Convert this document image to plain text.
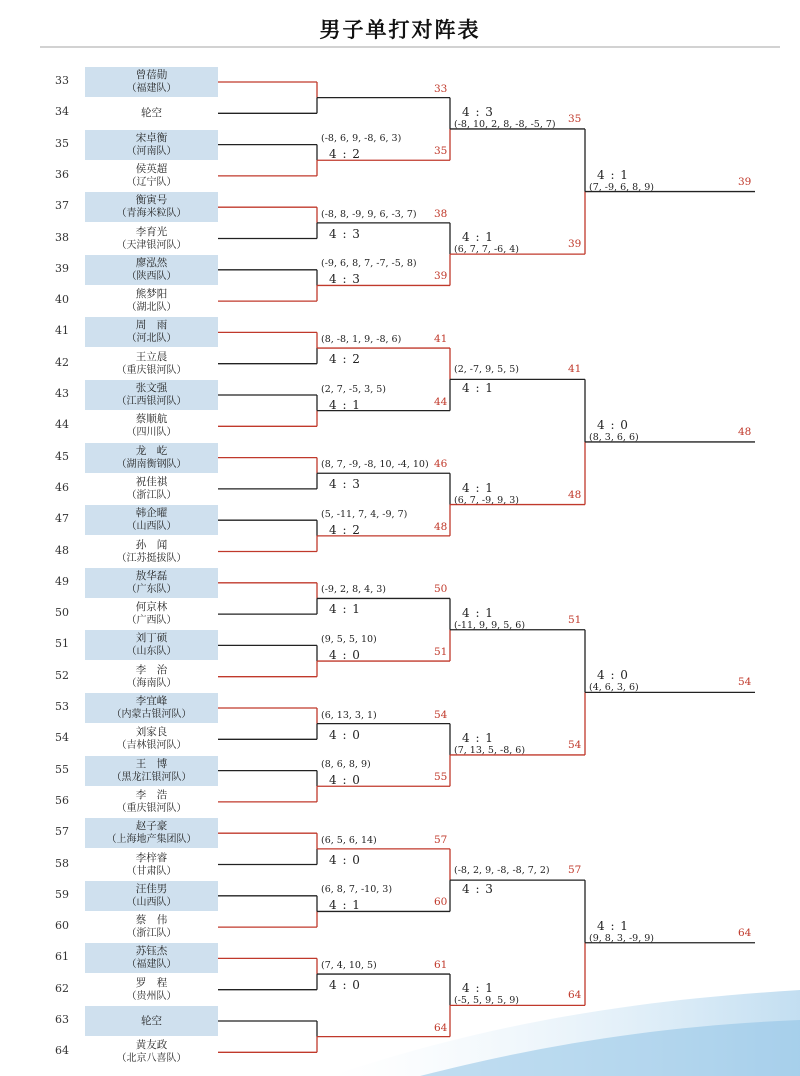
男子单打对阵表
33	曾蓓勋
（福建队）
34	轮空
35	宋卓衡
（河南队）
36	侯英超
（辽宁队）
37	衡寅号
（青海米粒队）
38	李育光
（天津银河队）
39	廖泓然
（陕西队）
40	熊梦阳
（湖北队）
41	周　雨
（河北队）
42	王立晨
（重庆银河队）
43	张文强
（江西银河队）
44	蔡顺航
（四川队）
45	龙　屹
（湖南衡钢队）
46	祝佳祺
（浙江队）
47	韩企曜
（山西队）
48	孙　闻
（江苏挺拔队）
49	敖华磊
（广东队）
50	何京林
（广西队）
51	刘丁硕
（山东队）
52	李　治
（海南队）
53	李宜峰
（内蒙古银河队）
54	刘家良
（吉林银河队）
55	王　博
（黑龙江银河队）
56	李　浩
（重庆银河队）
57	赵子豪
（上海地产集团队）
58	李梓睿
（甘肃队）
59	汪佳男
（山西队）
60	蔡　伟
（浙江队）
61	苏钰杰
（福建队）
62	罗　程
（贵州队）
63	轮空
64	黄友政
（北京八喜队）
33
4 : 2
(-8, 6, 9, -8, 6, 3)
35
4 : 3
(-8, 8, -9, 9, 6, -3, 7) 38
4 : 3
(-9, 6, 8, 7, -7, -5, 8)
39
4 : 2
(8, -8, 1, 9, -8, 6)	41
4 : 1
(2, 7, -5, 3, 5)
44
4 : 3
(8, 7, -9, -8, 10, -4, 10) 46
4 : 2
(5, -11, 7, 4, -9, 7)
48
4 : 1
(-9, 2, 8, 4, 3)	50
4 : 0
(9, 5, 5, 10)
51
4 : 0
(6, 13, 3, 1)	54
4 : 0
(8, 6, 8, 9)
55
4 : 0
(6, 5, 6, 14)	57
4 : 1
(6, 8, 7, -10, 3)
60
4 : 0
(7, 4, 10, 5)	61
64
4 : 3
(-8, 10, 2, 8, -8, -5, 7) 35
4 : 1
(6, 7, 7, -6, 4)	39
4 : 1
(2, -7, 9, 5, 5)	41
4 : 1
(6, 7, -9, 9, 3)	48
4 : 1
(-11, 9, 9, 5, 6)	51
4 : 1
(7, 13, 5, -8, 6)	54
4 : 3
(-8, 2, 9, -8, -8, 7, 2) 57
4 : 1
(-5, 5, 9, 5, 9)	64
4 : 1
(7, -9, 6, 8, 9)	39
4 : 0
(8, 3, 6, 6)	48
4 : 0
(4, 6, 3, 6)	54
4 : 1
(9, 8, 3, -9, 9)	64
